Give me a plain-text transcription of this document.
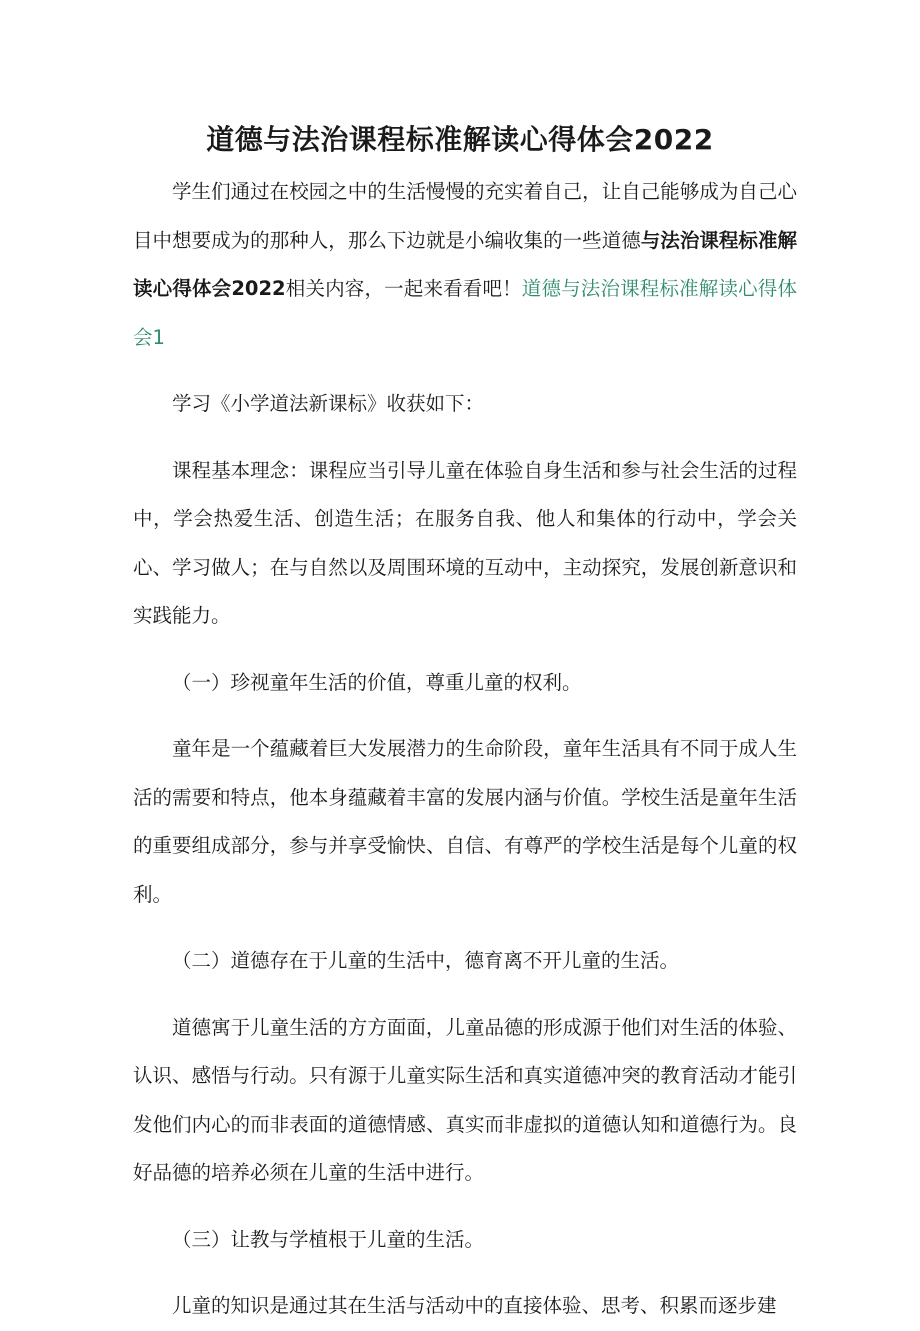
道德与法治课程标准解读心得体会2022

学生们通过在校园之中的生活慢慢的充实着自己，让自己能够成为自己心目中想要成为的那种人，那么下边就是小编收集的一些道德与法治课程标准解读心得体会2022相关内容，一起来看看吧！道德与法治课程标准解读心得体会1

学习《小学道法新课标》收获如下：

课程基本理念：课程应当引导儿童在体验自身生活和参与社会生活的过程中，学会热爱生活、创造生活；在服务自我、他人和集体的行动中，学会关心、学习做人；在与自然以及周围环境的互动中，主动探究，发展创新意识和实践能力。

（一）珍视童年生活的价值，尊重儿童的权利。

童年是一个蕴藏着巨大发展潜力的生命阶段，童年生活具有不同于成人生活的需要和特点，他本身蕴藏着丰富的发展内涵与价值。学校生活是童年生活的重要组成部分，参与并享受愉快、自信、有尊严的学校生活是每个儿童的权利。

（二）道德存在于儿童的生活中，德育离不开儿童的生活。

道德寓于儿童生活的方方面面，儿童品德的形成源于他们对生活的体验、认识、感悟与行动。只有源于儿童实际生活和真实道德冲突的教育活动才能引发他们内心的而非表面的道德情感、真实而非虚拟的道德认知和道德行为。良好品德的培养必须在儿童的生活中进行。

（三）让教与学植根于儿童的生活。

儿童的知识是通过其在生活与活动中的直接体验、思考、积累而逐步建
